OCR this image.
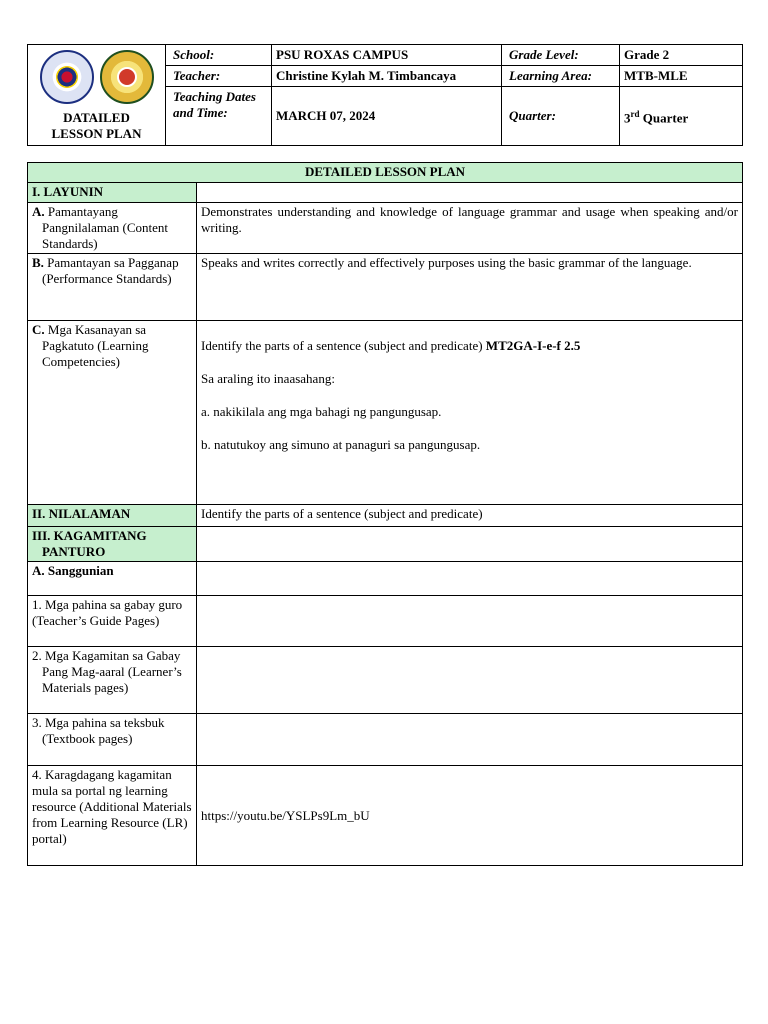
DATAILED
LESSON PLAN	School:	PSU ROXAS CAMPUS	Grade Level:	Grade 2
	Teacher:	Christine Kylah M. Timbancaya	Learning Area:	MTB-MLE
	Teaching Dates and Time:	MARCH 07, 2024	Quarter:	3rd Quarter
DETAILED LESSON PLAN	
I. LAYUNIN	
A. Pamantayang Pangnilalaman (Content Standards)	Demonstrates understanding and knowledge of language grammar and usage when speaking and/or writing.
B. Pamantayan sa Pagganap (Performance Standards)	Speaks and writes correctly and effectively purposes using the basic grammar of the language.
C. Mga Kasanayan sa Pagkatuto (Learning Competencies)	Identify the parts of a sentence (subject and predicate) MT2GA-I-e-f 2.5

Sa araling ito inaasahang:

a. nakikilala ang mga bahagi ng pangungusap.

b. natutukoy ang simuno at panaguri sa pangungusap.

II. NILALAMAN	Identify the parts of a sentence (subject and predicate)
III. KAGAMITANG PANTURO	
A. Sanggunian	
1. Mga pahina sa gabay guro (Teacher’s Guide Pages)	
2. Mga Kagamitan sa Gabay Pang Mag-aaral (Learner’s Materials pages)	
3. Mga pahina sa teksbuk (Textbook pages)	
4. Karagdagang kagamitan mula sa portal ng learning resource (Additional Materials from Learning Resource (LR) portal)	https://youtu.be/YSLPs9Lm_bU
